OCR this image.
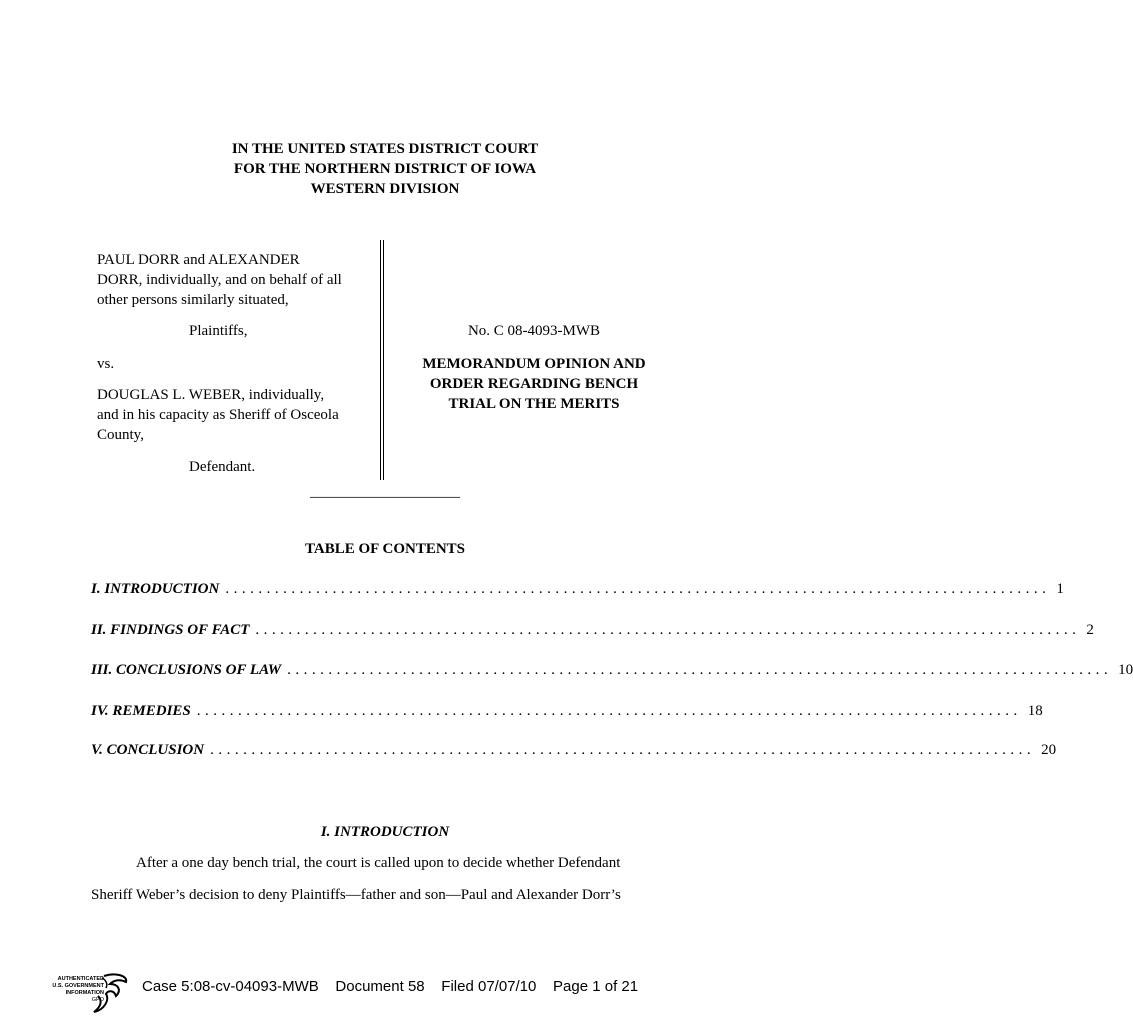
IN THE UNITED STATES DISTRICT COURT
FOR THE NORTHERN DISTRICT OF IOWA
WESTERN DIVISION
PAUL DORR and ALEXANDER
DORR, individually, and on behalf of all
other persons similarly situated,
Plaintiffs,
vs.
DOUGLAS L. WEBER, individually,
and in his capacity as Sheriff of Osceola
County,
Defendant.
No. C 08-4093-MWB
MEMORANDUM OPINION AND
ORDER REGARDING BENCH
TRIAL ON THE MERITS
____________________
TABLE OF CONTENTS
I. INTRODUCTION .................................................................................................... 1
II. FINDINGS OF FACT .................................................................................................... 2
III. CONCLUSIONS OF LAW .................................................................................................... 10
IV. REMEDIES .................................................................................................... 18
V. CONCLUSION .................................................................................................... 20
I. INTRODUCTION
After a one day bench trial, the court is called upon to decide whether Defendant
Sheriff Weber’s decision to deny Plaintiffs—father and son—Paul and Alexander Dorr’s
AUTHENTICATED
U.S. GOVERNMENT
INFORMATION
GPO
Case 5:08-cv-04093-MWB Document 58 Filed 07/07/10 Page 1 of 21
